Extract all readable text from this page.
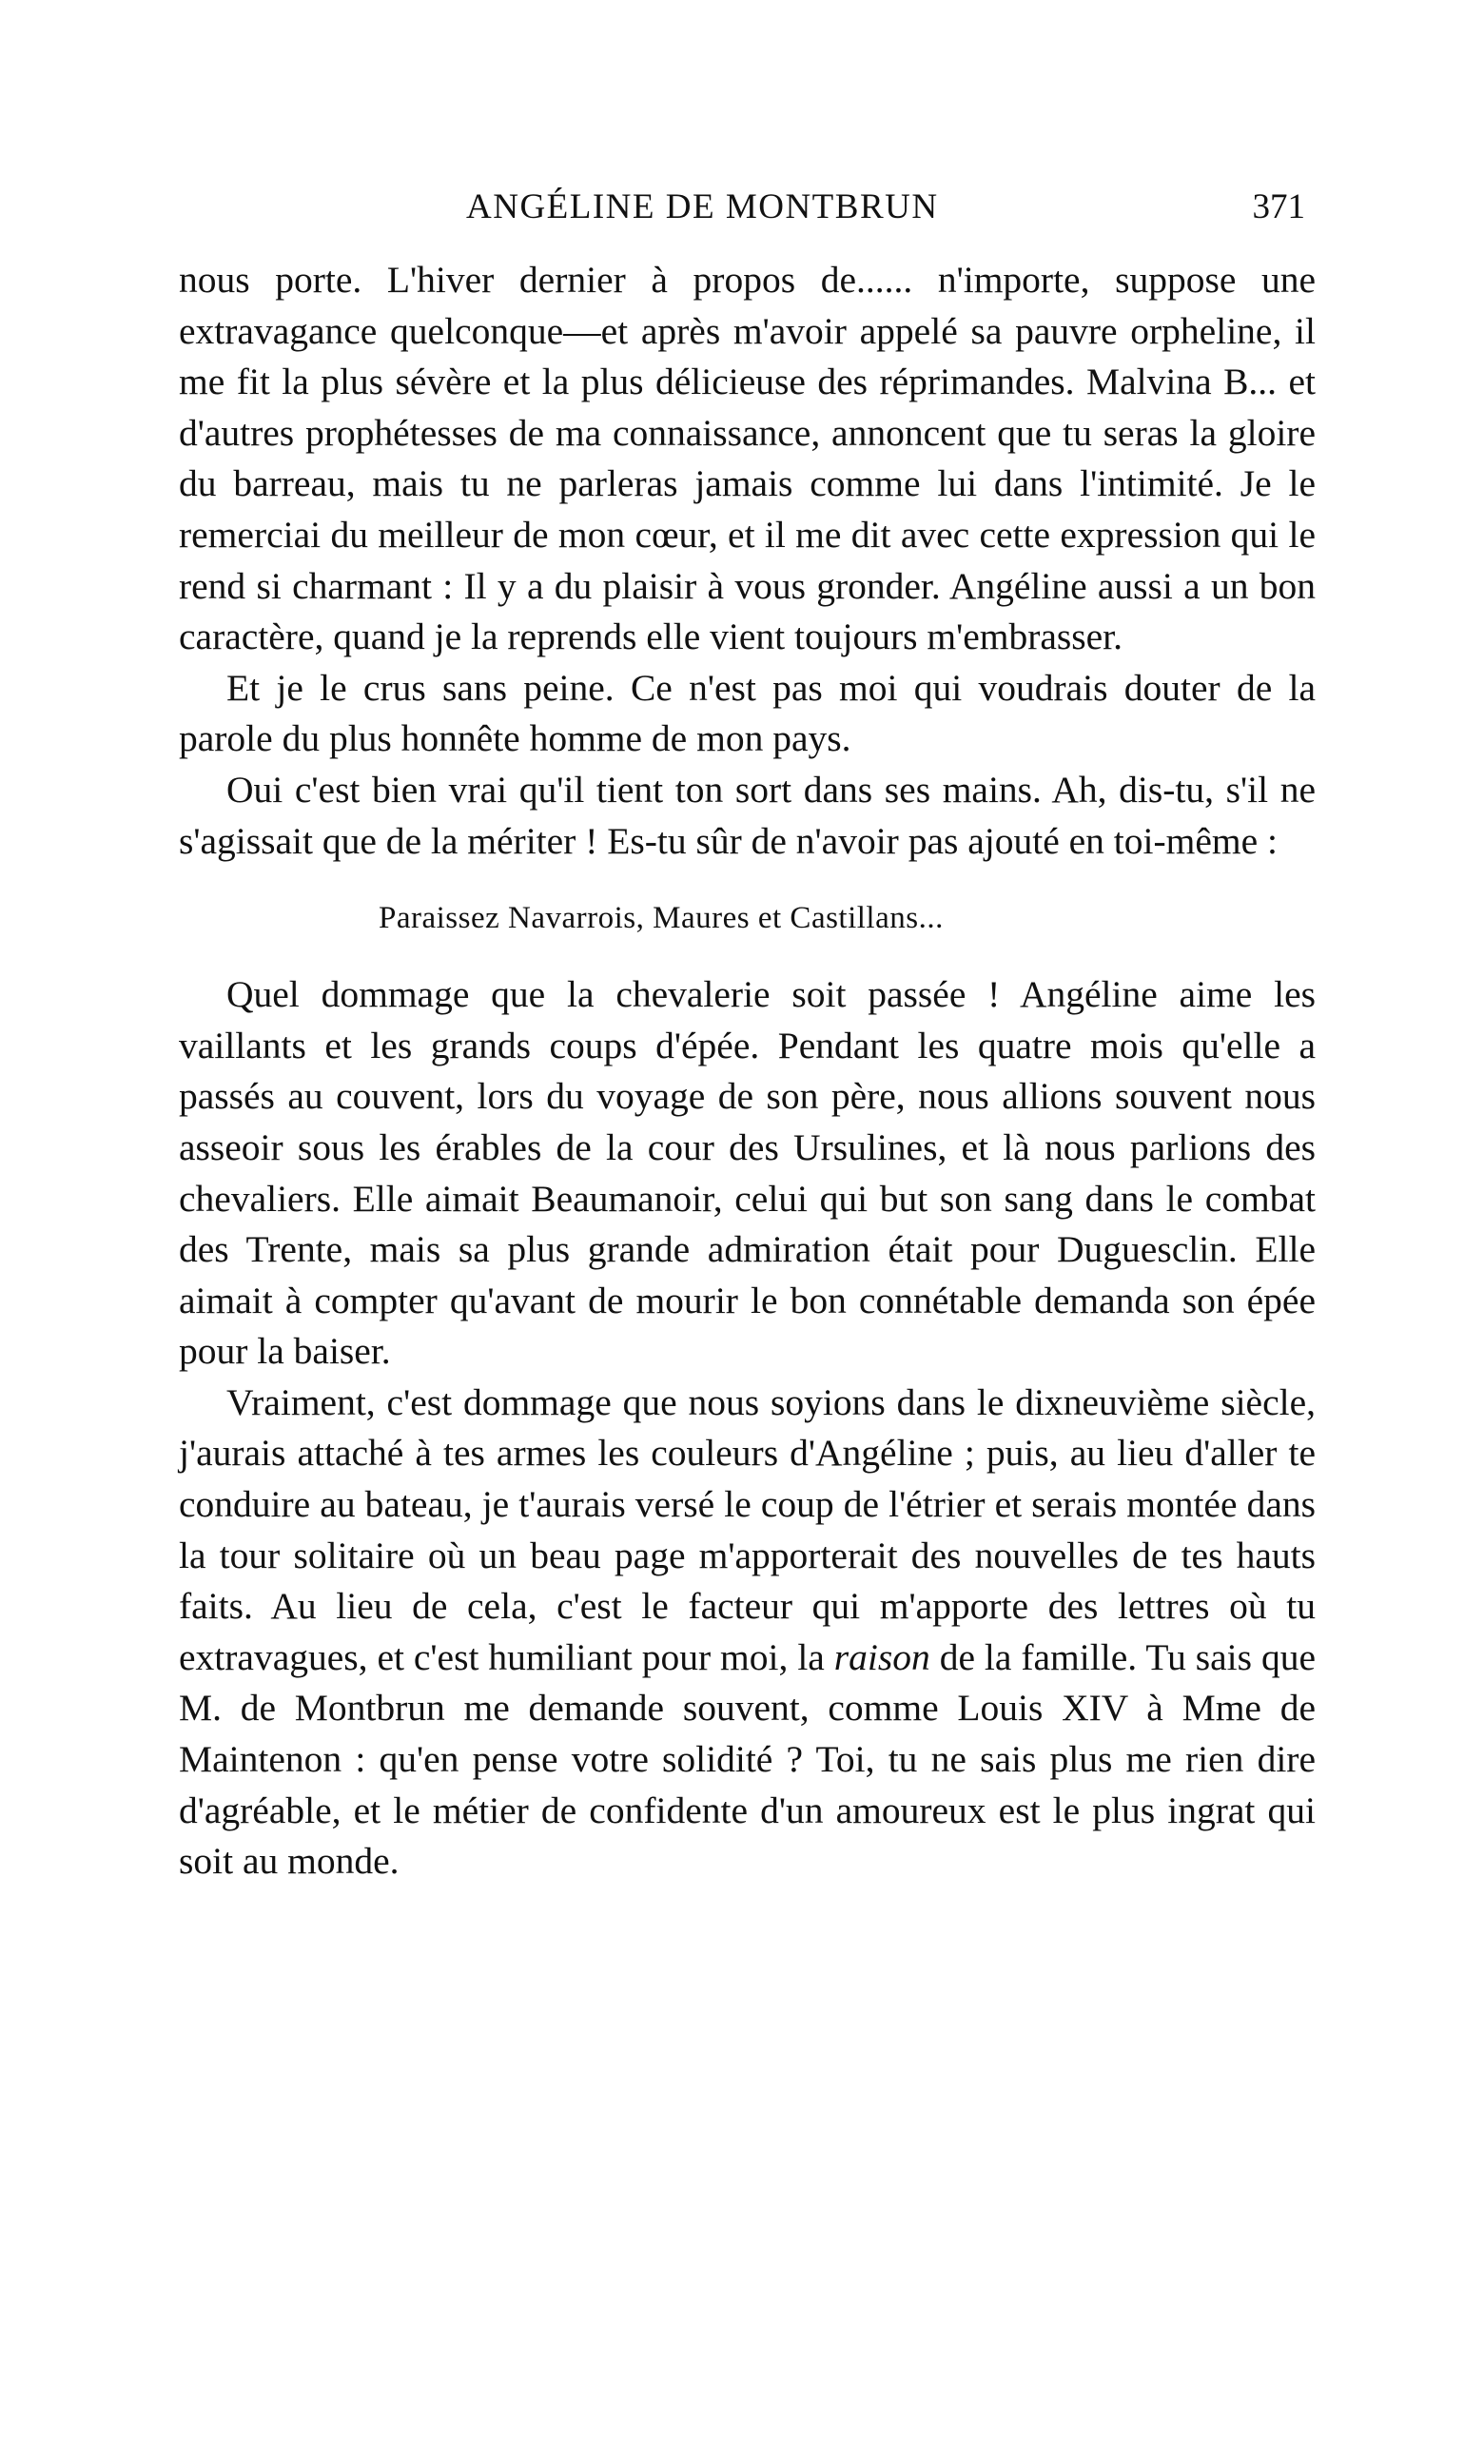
ANGÉLINE DE MONTBRUN	371

nous porte. L'hiver dernier à propos de...... n'importe, suppose une extravagance quelconque—et après m'avoir appelé sa pauvre orpheline, il me fit la plus sévère et la plus délicieuse des réprimandes. Malvina B... et d'autres prophétesses de ma connaissance, annoncent que tu seras la gloire du barreau, mais tu ne parleras jamais comme lui dans l'intimité. Je le remerciai du meilleur de mon cœur, et il me dit avec cette expression qui le rend si charmant : Il y a du plaisir à vous gronder. Angéline aussi a un bon caractère, quand je la reprends elle vient toujours m'embrasser.

Et je le crus sans peine. Ce n'est pas moi qui voudrais douter de la parole du plus honnête homme de mon pays.

Oui c'est bien vrai qu'il tient ton sort dans ses mains. Ah, dis-tu, s'il ne s'agissait que de la mériter ! Es-tu sûr de n'avoir pas ajouté en toi-même :

Paraissez Navarrois, Maures et Castillans...

Quel dommage que la chevalerie soit passée ! Angéline aime les vaillants et les grands coups d'épée. Pendant les quatre mois qu'elle a passés au couvent, lors du voyage de son père, nous allions souvent nous asseoir sous les érables de la cour des Ursulines, et là nous parlions des chevaliers. Elle aimait Beaumanoir, celui qui but son sang dans le combat des Trente, mais sa plus grande admiration était pour Duguesclin. Elle aimait à compter qu'avant de mourir le bon connétable demanda son épée pour la baiser.

Vraiment, c'est dommage que nous soyions dans le dixneuvième siècle, j'aurais attaché à tes armes les couleurs d'Angéline ; puis, au lieu d'aller te conduire au bateau, je t'aurais versé le coup de l'étrier et serais montée dans la tour solitaire où un beau page m'apporterait des nouvelles de tes hauts faits. Au lieu de cela, c'est le facteur qui m'apporte des lettres où tu extravagues, et c'est humiliant pour moi, la raison de la famille. Tu sais que M. de Montbrun me demande souvent, comme Louis XIV à Mme de Maintenon : qu'en pense votre solidité ? Toi, tu ne sais plus me rien dire d'agréable, et le métier de confidente d'un amoureux est le plus ingrat qui soit au monde.
